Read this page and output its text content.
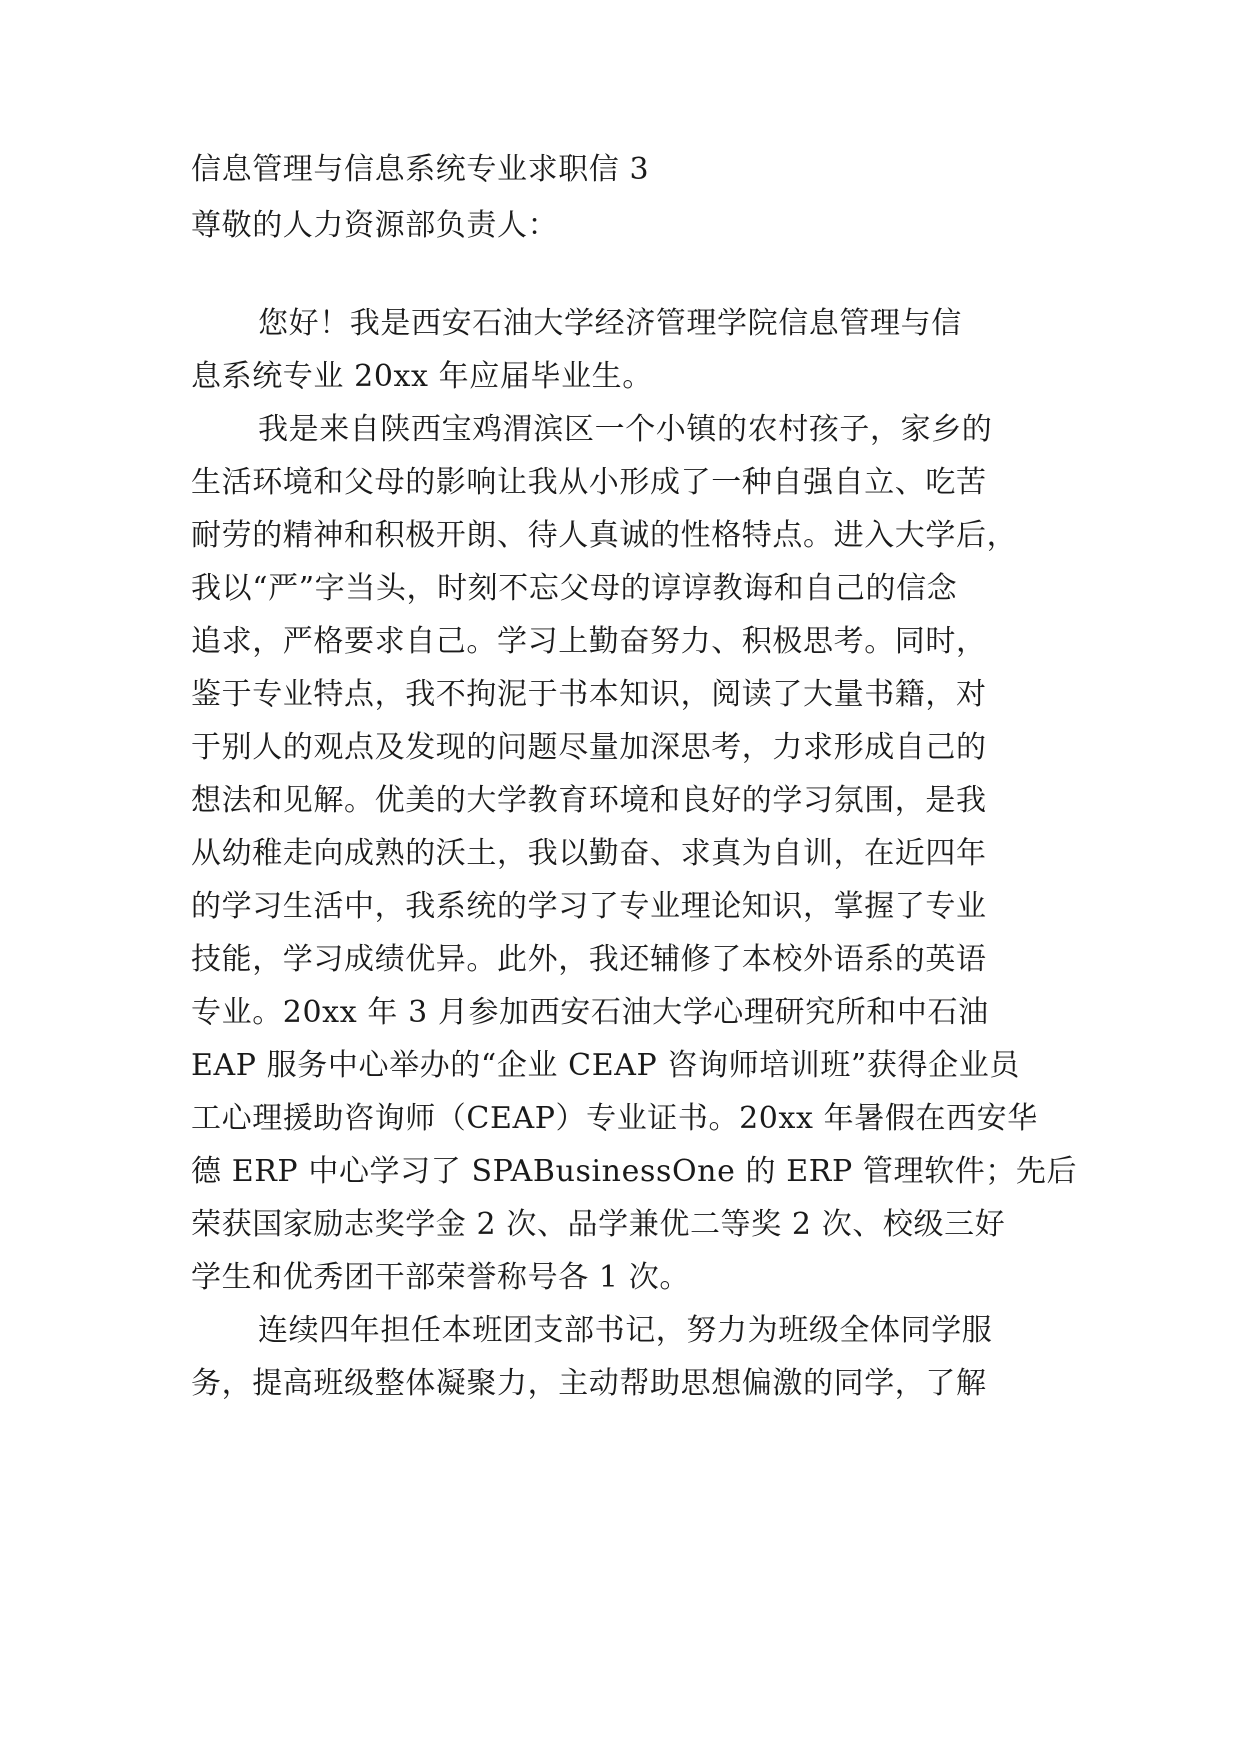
信息管理与信息系统专业求职信 3
尊敬的人力资源部负责人：
您好！我是西安石油大学经济管理学院信息管理与信
息系统专业 20xx 年应届毕业生。
我是来自陕西宝鸡渭滨区一个小镇的农村孩子，家乡的
生活环境和父母的影响让我从小形成了一种自强自立、吃苦
耐劳的精神和积极开朗、待人真诚的性格特点。进入大学后，
我以“严”字当头，时刻不忘父母的谆谆教诲和自己的信念
追求，严格要求自己。学习上勤奋努力、积极思考。同时，
鉴于专业特点，我不拘泥于书本知识，阅读了大量书籍，对
于别人的观点及发现的问题尽量加深思考，力求形成自己的
想法和见解。优美的大学教育环境和良好的学习氛围，是我
从幼稚走向成熟的沃土，我以勤奋、求真为自训，在近四年
的学习生活中，我系统的学习了专业理论知识，掌握了专业
技能，学习成绩优异。此外，我还辅修了本校外语系的英语
专业。20xx 年 3 月参加西安石油大学心理研究所和中石油
EAP 服务中心举办的“企业 CEAP 咨询师培训班”获得企业员
工心理援助咨询师（CEAP）专业证书。20xx 年暑假在西安华
德 ERP 中心学习了 SPABusinessOne 的 ERP 管理软件；先后
荣获国家励志奖学金 2 次、品学兼优二等奖 2 次、校级三好
学生和优秀团干部荣誉称号各 1 次。
连续四年担任本班团支部书记，努力为班级全体同学服
务，提高班级整体凝聚力，主动帮助思想偏激的同学，了解
